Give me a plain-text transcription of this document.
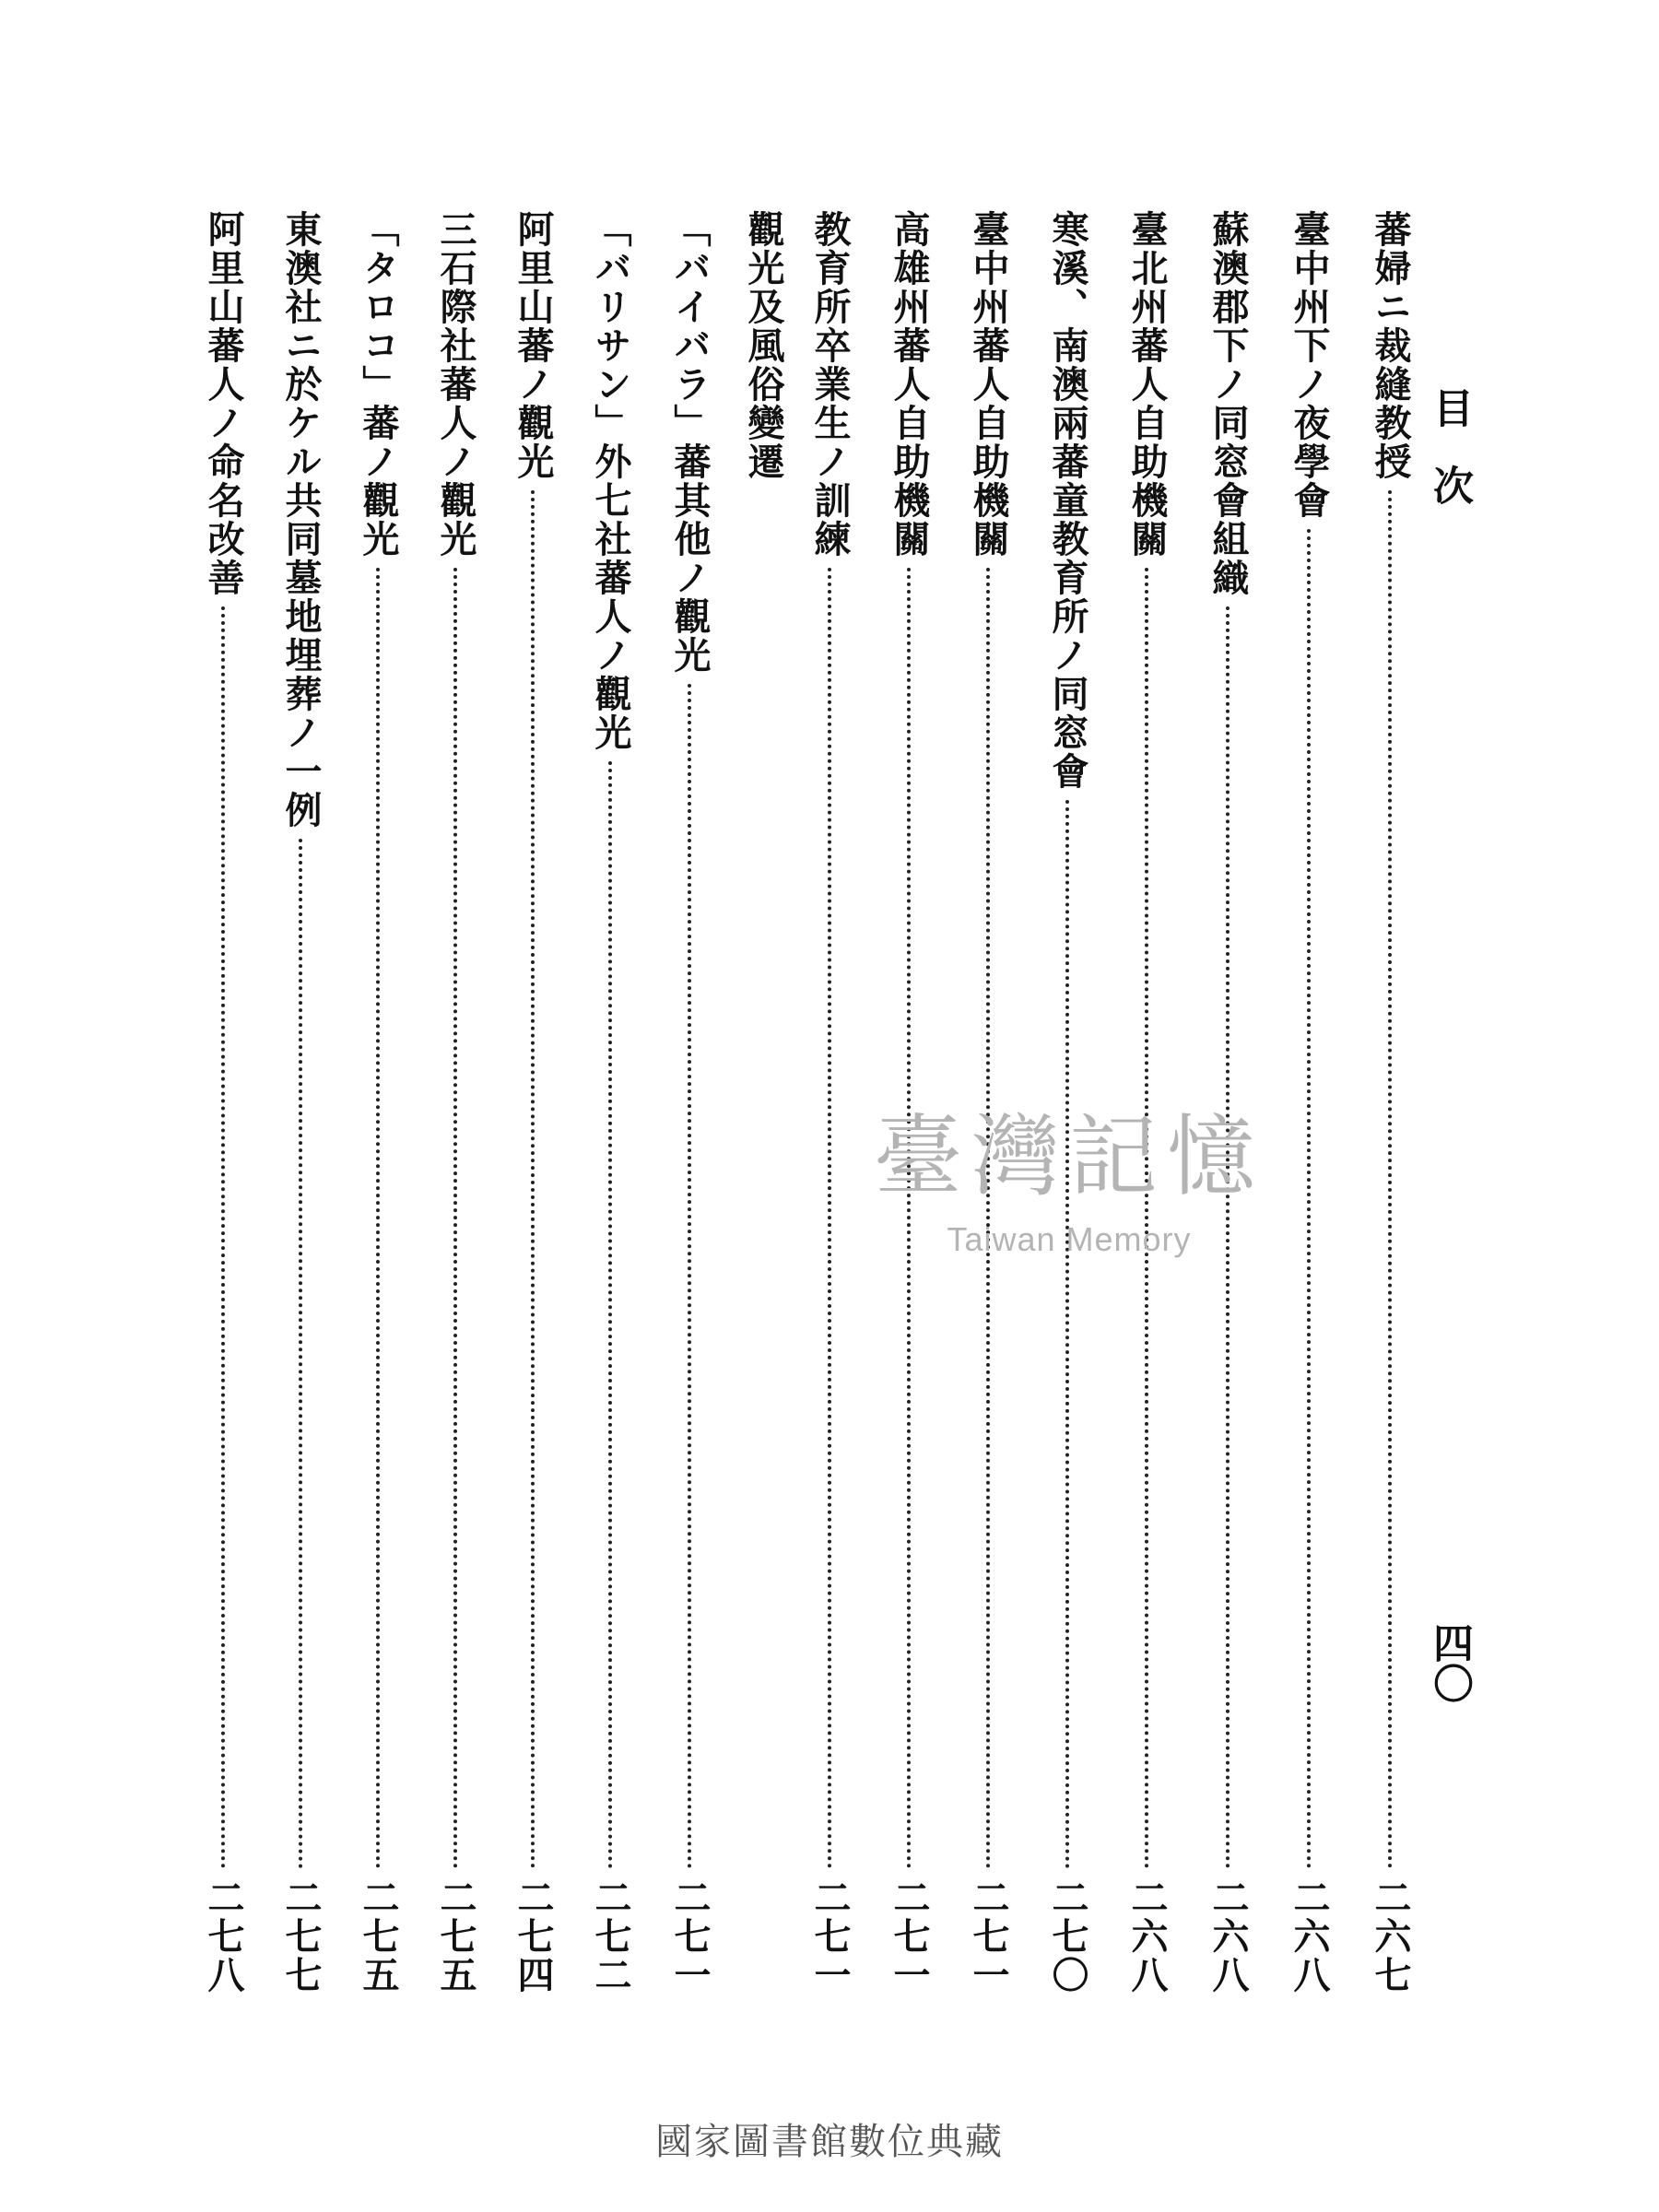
目次
四〇
蕃婦ニ裁縫教授
二六七
臺中州下ノ夜學會
二六八
蘇澳郡下ノ同窓會組織
二六八
臺北州蕃人自助機關
二六八
寒溪、南澳兩蕃童教育所ノ同窓會
二七〇
臺中州蕃人自助機關
二七一
高雄州蕃人自助機關
二七一
教育所卒業生ノ訓練
二七一
觀光及風俗變遷
「バイバラ」蕃其他ノ觀光
二七一
「バリサン」外七社蕃人ノ觀光
二七二
阿里山蕃ノ觀光
二七四
三石際社蕃人ノ觀光
二七五
「タロコ」蕃ノ觀光
二七五
東澳社ニ於ケル共同墓地埋葬ノ一例
二七七
阿里山蕃人ノ命名改善
二七八
臺灣記憶
Taiwan Memory
國家圖書館數位典藏
